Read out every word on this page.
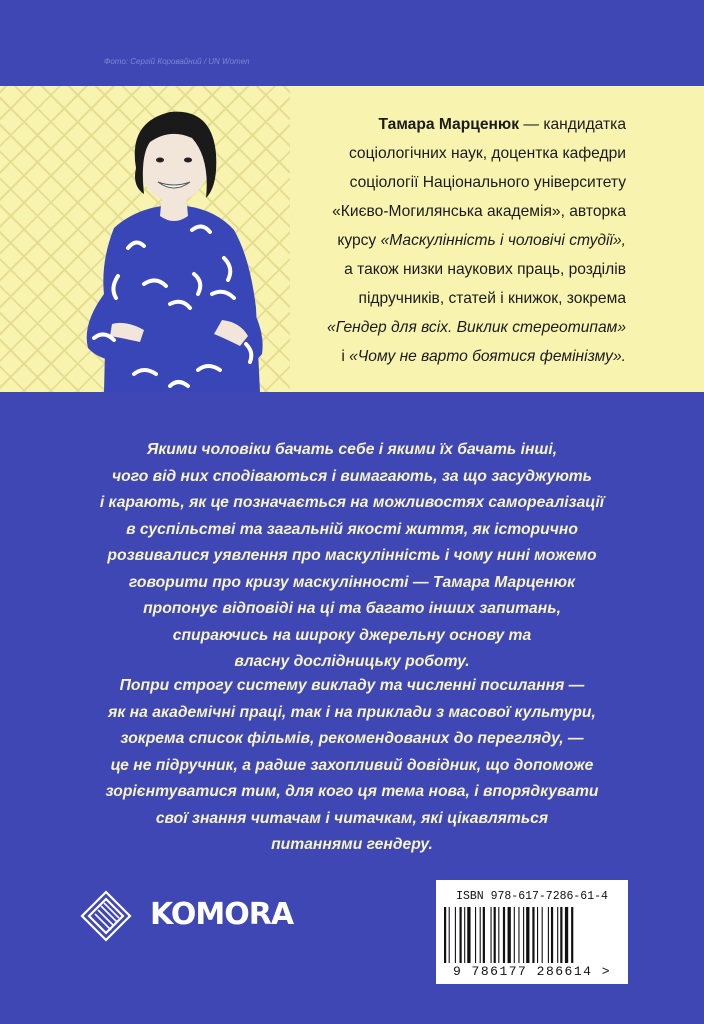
Фото: Сергій Коровайний / UN Women
Тамара Марценюк — кандидатка
соціологічних наук, доцентка кафедри
соціології Національного університету
«Києво-Могилянська академія», авторка
курсу «Маскулінність і чоловічі студії»,
а також низки наукових праць, розділів
підручників, статей і книжок, зокрема
«Гендер для всіх. Виклик стереотипам»
і «Чому не варто боятися фемінізму».
Якими чоловіки бачать себе і якими їх бачать інші,
чого від них сподіваються і вимагають, за що засуджують
і карають, як це позначається на можливостях самореалізації
в суспільстві та загальній якості життя, як історично
розвивалися уявлення про маскулінність і чому нині можемо
говорити про кризу маскулінності — Тамара Марценюк
пропонує відповіді на ці та багато інших запитань,
спираючись на широку джерельну основу та
власну дослідницьку роботу.
Попри строгу систему викладу та численні посилання —
як на академічні праці, так і на приклади з масової культури,
зокрема список фільмів, рекомендованих до перегляду, —
це не підручник, а радше захопливий довідник, що допоможе
зорієнтуватися тим, для кого ця тема нова, і впорядкувати
свої знання читачам і читачкам, які цікавляться
питаннями гендеру.
KOMORA
ISBN 978-617-7286-61-4
9 786177 286614 >
